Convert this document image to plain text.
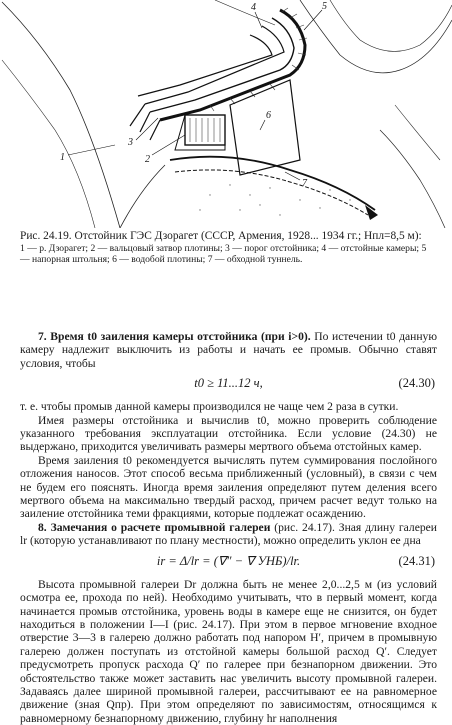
1	2
3
4	5
6
7
Рис. 24.19. Отстойник ГЭС Дзорагет (СССР, Армения, 1928... 1934 гг.; Hпл=8,5 м):
1 — р. Дзорагет; 2 — вальцовый затвор плотины; 3 — порог отстойника; 4 — отстойные камеры; 5 — напорная штольня; 6 — водобой плотины; 7 — обходной туннель.

7. Время t0 заиления камеры отстойника (при i>0). По истечении t0 данную камеру надлежит выключить из работы и начать ее промыв. Обычно ставят условия, чтобы

t0 ≥ 11...12 ч,	(24.30)

т. е. чтобы промыв данной камеры производился не чаще чем 2 раза в сутки.

Имея размеры отстойника и вычислив t0, можно проверить соблюдение указанного требования эксплуатации отстойника. Если условие (24.30) не выдержано, приходится увеличивать размеры мертвого объема отстойных камер.

Время заиления t0 рекомендуется вычислять путем суммирования послойного отложения наносов. Этот способ весьма приближенный (условный), в связи с чем не будем его пояснять. Иногда время заиления определяют путем деления всего мертвого объема на максимально твердый расход, причем расчет ведут только на заиление отстойника теми фракциями, которые подлежат осаждению.

8. Замечания о расчете промывной галереи (рис. 24.17). Зная длину галереи lr (которую устанавливают по плану местности), можно определить уклон ее дна

ir = Δ/lr = (∇″ − ∇ УНБ)/lr.	(24.31)

Высота промывной галереи Dr должна быть не менее 2,0...2,5 м (из условий осмотра ее, прохода по ней). Необходимо учитывать, что в первый момент, когда начинается промыв отстойника, уровень воды в камере еще не снизится, он будет находиться в положении I—I (рис. 24.17). При этом в первое мгновение входное отверстие 3—3 в галерею должно работать под напором H′, причем в промывную галерею должен поступать из отстойной камеры большой расход Q′. Следует предусмотреть пропуск расхода Q′ по галерее при безнапорном движении. Это обстоятельство также может заставить нас увеличить высоту промывной галереи. Задаваясь далее шириной промывной галереи, рассчитывают ее на равномерное движение (зная Qпр). При этом определяют по зависимостям, относящимся к равномерному безнапорному движению, глубину hr наполнения
